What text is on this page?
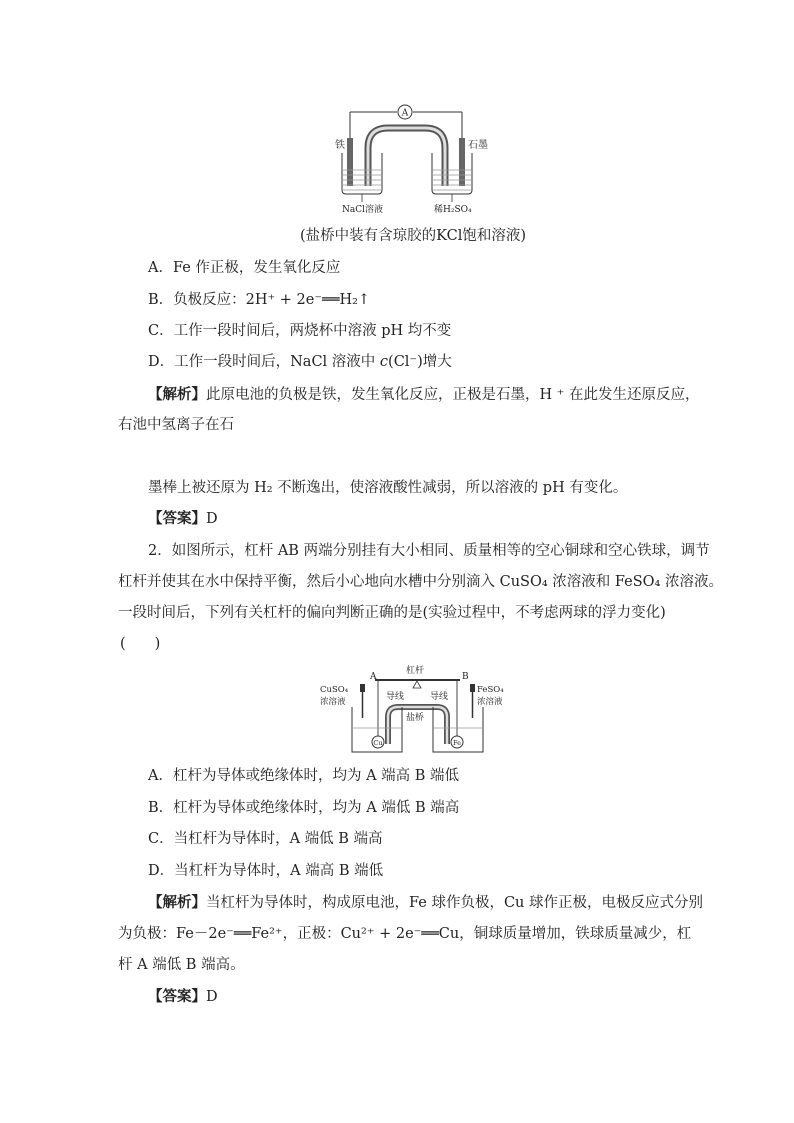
A
铁	石墨
NaCl溶液	稀H₂SO₄
(盐桥中装有含琼胶的KCl饱和溶液)
A．Fe 作正极，发生氧化反应
B．负极反应：2H⁺ + 2e⁻══H₂↑
C．工作一段时间后，两烧杯中溶液 pH 均不变
D．工作一段时间后，NaCl 溶液中 c(Cl⁻)增大
【解析】此原电池的负极是铁，发生氧化反应，正极是石墨，H ⁺ 在此发生还原反应，
右池中氢离子在石
墨棒上被还原为 H₂ 不断逸出，使溶液酸性减弱，所以溶液的 pH 有变化。
【答案】D
2．如图所示，杠杆 AB 两端分别挂有大小相同、质量相等的空心铜球和空心铁球，调节
杠杆并使其在水中保持平衡，然后小心地向水槽中分别滴入 CuSO₄ 浓溶液和 FeSO₄ 浓溶液。
一段时间后，下列有关杠杆的偏向判断正确的是(实验过程中，不考虑两球的浮力变化)
(　　)
杠杆
A	B
导线	导线
盐桥
CuSO₄
浓溶液
FeSO₄
浓溶液
Cu	Fe
A．杠杆为导体或绝缘体时，均为 A 端高 B 端低
B．杠杆为导体或绝缘体时，均为 A 端低 B 端高
C．当杠杆为导体时，A 端低 B 端高
D．当杠杆为导体时，A 端高 B 端低
【解析】当杠杆为导体时，构成原电池，Fe 球作负极，Cu 球作正极，电极反应式分别
为负极：Fe－2e⁻══Fe²⁺，正极：Cu²⁺ + 2e⁻══Cu，铜球质量增加，铁球质量减少，杠
杆 A 端低 B 端高。
【答案】D
